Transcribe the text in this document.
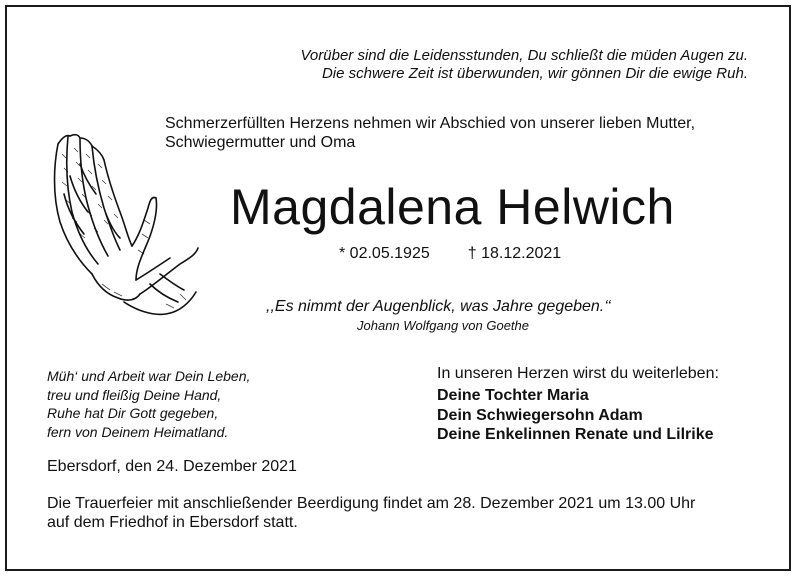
Vorüber sind die Leidensstunden, Du schließt die müden Augen zu.
Die schwere Zeit ist überwunden, wir gönnen Dir die ewige Ruh.
Schmerzerfüllten Herzens nehmen wir Abschied von unserer lieben Mutter,
Schwiegermutter und Oma
Magdalena Helwich
* 02.05.1925 † 18.12.2021
,,Es nimmt der Augenblick, was Jahre gegeben.‘‘
Johann Wolfgang von Goethe
Müh‘ und Arbeit war Dein Leben,
treu und fleißig Deine Hand,
Ruhe hat Dir Gott gegeben,
fern von Deinem Heimatland.
In unseren Herzen wirst du weiterleben:
Deine Tochter Maria
Dein Schwiegersohn Adam
Deine Enkelinnen Renate und Lilrike
Ebersdorf, den 24. Dezember 2021
Die Trauerfeier mit anschließender Beerdigung findet am 28. Dezember 2021 um 13.00 Uhr
auf dem Friedhof in Ebersdorf statt.
